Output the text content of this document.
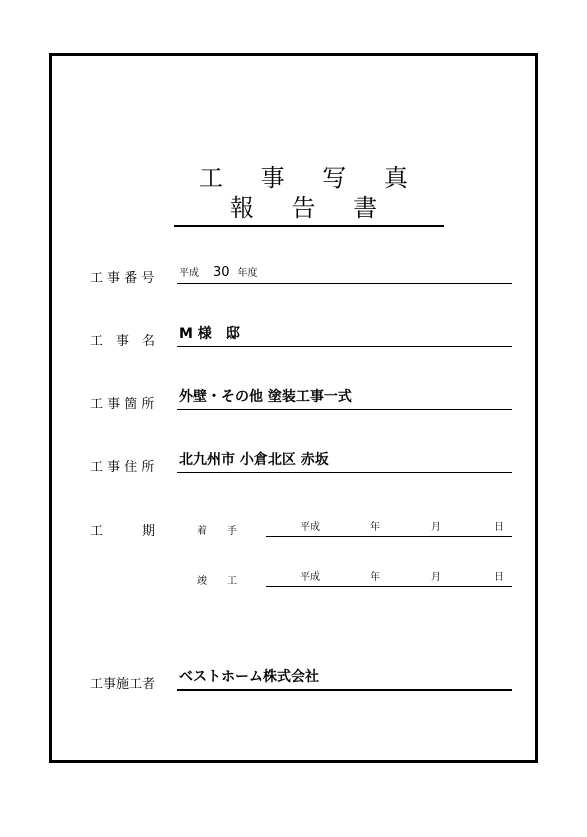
工 事 写 真 報 告 書
工 事 番 号 平成 30 年度
工　事　名 M 様　邸
工 事 箇 所 外壁・その他 塗装工事一式
工 事 住 所 北九州市 小倉北区 赤坂
工　　　期	着　　手	平成	年	月	日
竣　　工	平成	年	月	日
工事施工者 ベストホーム株式会社
